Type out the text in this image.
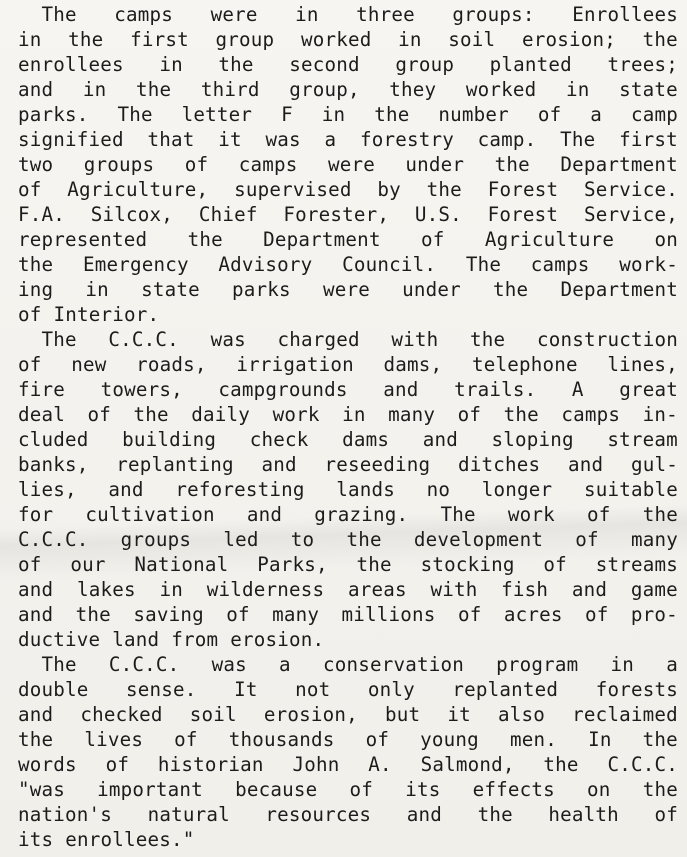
The camps were in three groups: Enrollees
in the first group worked in soil erosion; the
enrollees in the second group planted trees;
and in the third group, they worked in state
parks. The letter F in the number of a camp
signified that it was a forestry camp. The first
two groups of camps were under the Department
of Agriculture, supervised by the Forest Service.
F.A. Silcox, Chief Forester, U.S. Forest Service,
represented the Department of Agriculture on
the Emergency Advisory Council. The camps work-
ing in state parks were under the Department
of Interior.
The C.C.C. was charged with the construction
of new roads, irrigation dams, telephone lines,
fire towers, campgrounds and trails. A great
deal of the daily work in many of the camps in-
cluded building check dams and sloping stream
banks, replanting and reseeding ditches and gul-
lies, and reforesting lands no longer suitable
for cultivation and grazing. The work of the
C.C.C. groups led to the development of many
of our National Parks, the stocking of streams
and lakes in wilderness areas with fish and game
and the saving of many millions of acres of pro-
ductive land from erosion.
The C.C.C. was a conservation program in a
double sense. It not only replanted forests
and checked soil erosion, but it also reclaimed
the lives of thousands of young men. In the
words of historian John A. Salmond, the C.C.C.
"was important because of its effects on the
nation's natural resources and the health of
its enrollees."
